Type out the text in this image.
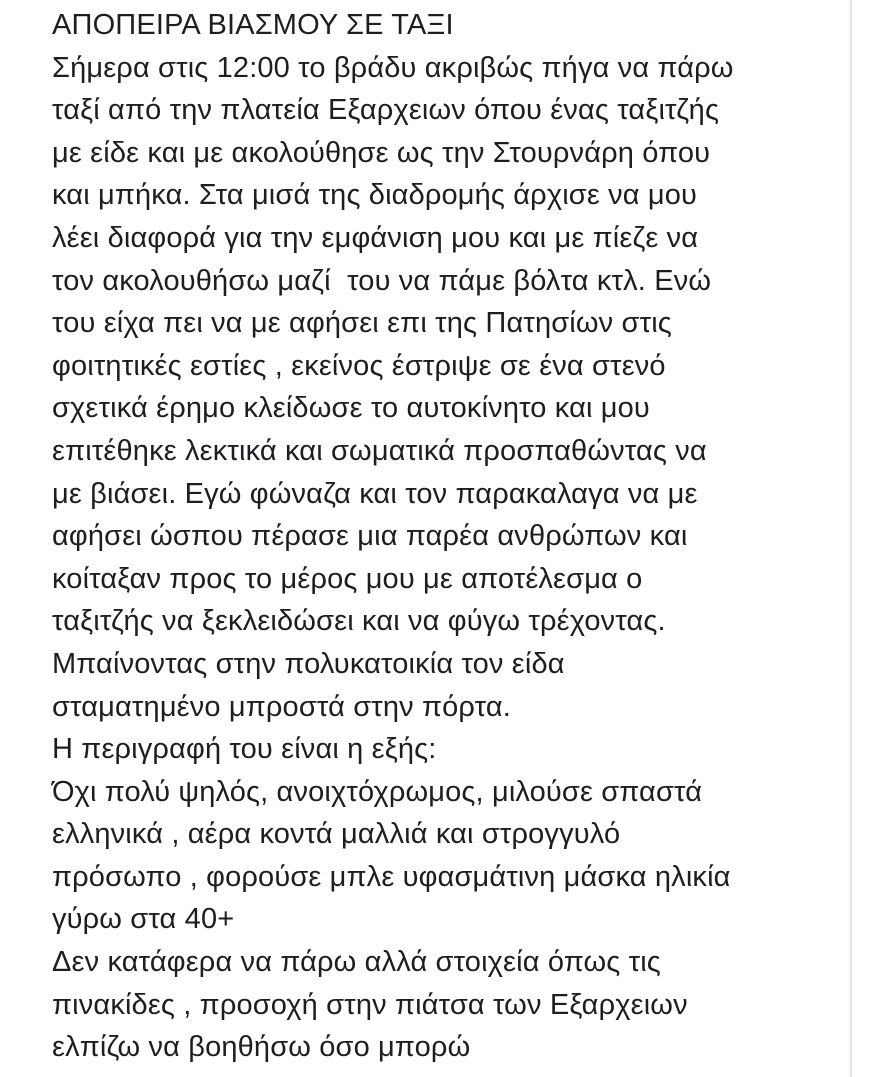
ΑΠΟΠΕΙΡΑ ΒΙΑΣΜΟΥ ΣΕ ΤΑΞΙ
Σήμερα στις 12:00 το βράδυ ακριβώς πήγα να πάρω
ταξί από την πλατεία Εξαρχειων όπου ένας ταξιτζής
με είδε και με ακολούθησε ως την Στουρνάρη όπου
και μπήκα. Στα μισά της διαδρομής άρχισε να μου
λέει διαφορά για την εμφάνιση μου και με πίεζε να
τον ακολουθήσω μαζί  του να πάμε βόλτα κτλ. Ενώ
του είχα πει να με αφήσει επι της Πατησίων στις
φοιτητικές εστίες , εκείνος έστριψε σε ένα στενό
σχετικά έρημο κλείδωσε το αυτοκίνητο και μου
επιτέθηκε λεκτικά και σωματικά προσπαθώντας να
με βιάσει. Εγώ φώναζα και τον παρακαλαγα να με
αφήσει ώσπου πέρασε μια παρέα ανθρώπων και
κοίταξαν προς το μέρος μου με αποτέλεσμα ο
ταξιτζής να ξεκλειδώσει και να φύγω τρέχοντας.
Μπαίνοντας στην πολυκατοικία τον είδα
σταματημένο μπροστά στην πόρτα.
Η περιγραφή του είναι η εξής:
Όχι πολύ ψηλός, ανοιχτόχρωμος, μιλούσε σπαστά
ελληνικά , αέρα κοντά μαλλιά και στρογγυλό
πρόσωπο , φορούσε μπλε υφασμάτινη μάσκα ηλικία
γύρω στα 40+
Δεν κατάφερα να πάρω αλλά στοιχεία όπως τις
πινακίδες , προσοχή στην πιάτσα των Εξαρχειων
ελπίζω να βοηθήσω όσο μπορώ
